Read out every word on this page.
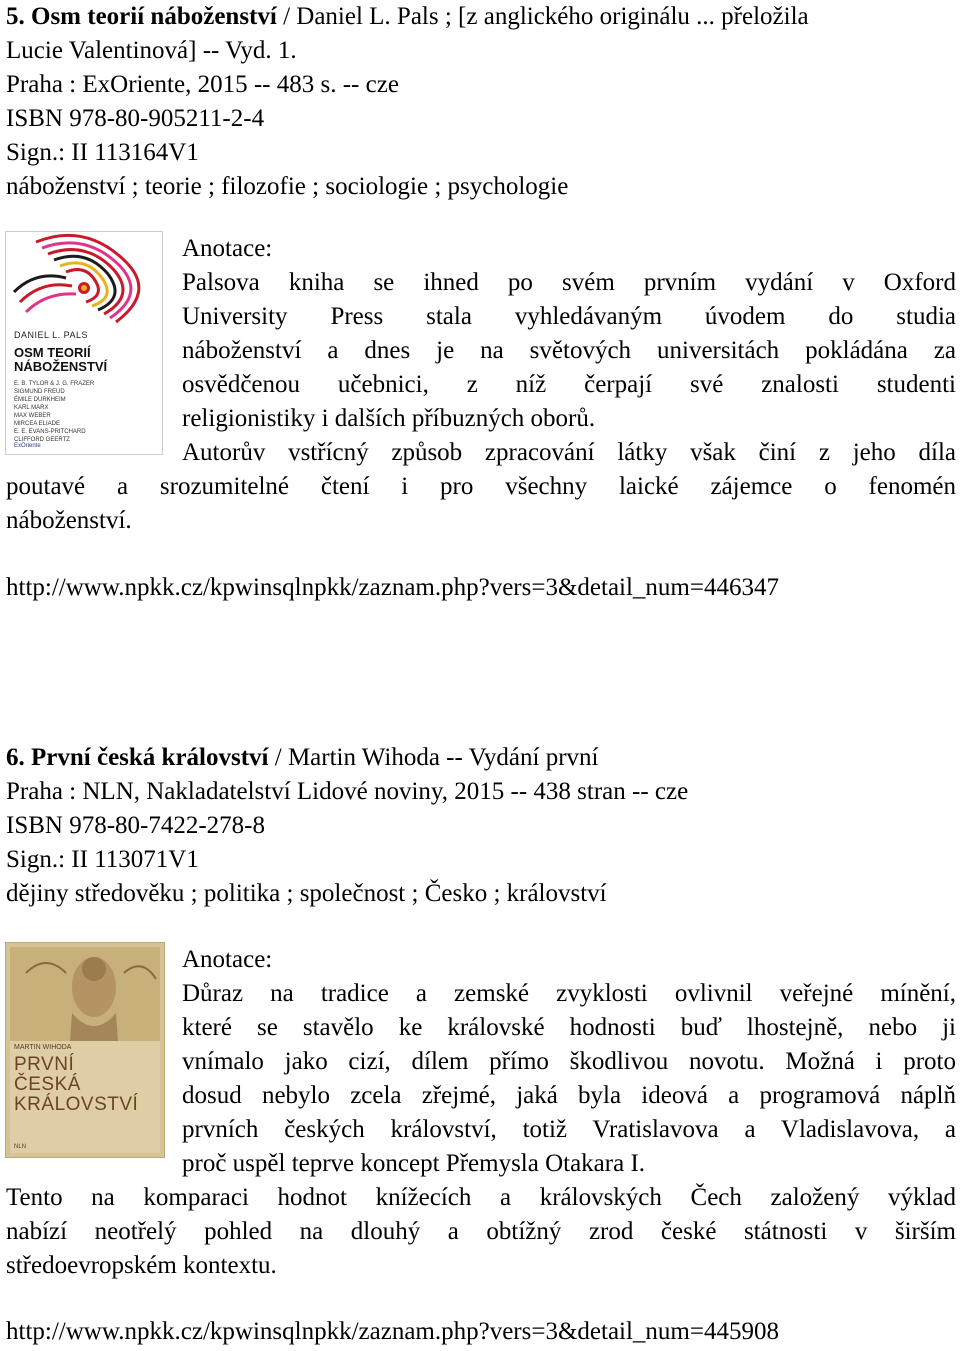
5. Osm teorií náboženství / Daniel L. Pals ; [z anglického originálu ... přeložila
Lucie Valentinová] -- Vyd. 1.
Praha : ExOriente, 2015 -- 483 s. -- cze
ISBN 978-80-905211-2-4
Sign.: II 113164V1
náboženství ; teorie ; filozofie ; sociologie ; psychologie
DANIEL L. PALS
OSM TEORIÍ
NÁBOŽENSTVÍ
E. B. TYLOR & J. G. FRAZER
SIGMUND FREUD
ÉMILE DURKHEIM
KARL MARX
MAX WEBER
MIRCEA ELIADE
E. E. EVANS-PRITCHARD
CLIFFORD GEERTZ
ExOriente
Anotace:
Palsova kniha se ihned po svém prvním vydání v Oxford
University Press stala vyhledávaným úvodem do studia
náboženství a dnes je na světových universitách pokládána za
osvědčenou učebnici, z níž čerpají své znalosti studenti
religionistiky i dalších příbuzných oborů.
Autorův vstřícný způsob zpracování látky však činí z jeho díla
poutavé a srozumitelné čtení i pro všechny laické zájemce o fenomén
náboženství.
http://www.npkk.cz/kpwinsqlnpkk/zaznam.php?vers=3&detail_num=446347
6. První česká království / Martin Wihoda -- Vydání první
Praha : NLN, Nakladatelství Lidové noviny, 2015 -- 438 stran -- cze
ISBN 978-80-7422-278-8
Sign.: II 113071V1
dějiny středověku ; politika ; společnost ; Česko ; království
MARTIN WIHODA
PRVNÍ
ČESKÁ
KRÁLOVSTVÍ
NLN
Anotace:
Důraz na tradice a zemské zvyklosti ovlivnil veřejné mínění,
které se stavělo ke královské hodnosti buď lhostejně, nebo ji
vnímalo jako cizí, dílem přímo škodlivou novotu. Možná i proto
dosud nebylo zcela zřejmé, jaká byla ideová a programová náplň
prvních českých království, totiž Vratislavova a Vladislavova, a
proč uspěl teprve koncept Přemysla Otakara I.
Tento na komparaci hodnot knížecích a královských Čech založený výklad
nabízí neotřelý pohled na dlouhý a obtížný zrod české státnosti v širším
středoevropském kontextu.
http://www.npkk.cz/kpwinsqlnpkk/zaznam.php?vers=3&detail_num=445908
